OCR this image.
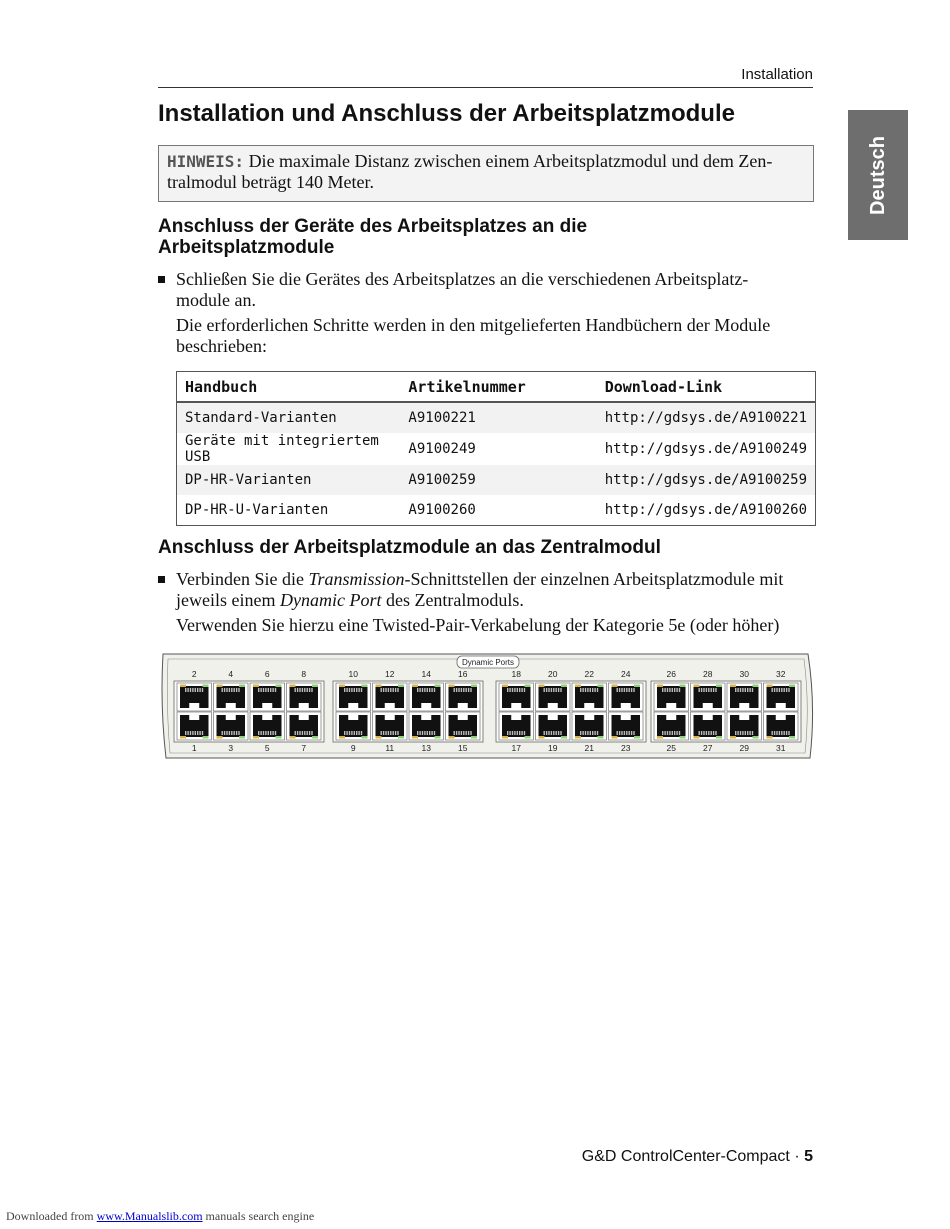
Installation
Deutsch
Installation und Anschluss der Arbeitsplatzmodule
HINWEIS: Die maximale Distanz zwischen einem Arbeitsplatzmodul und dem Zen- tralmodul beträgt 140 Meter.
Anschluss der Geräte des Arbeitsplatzes an die Arbeitsplatzmodule

Schließen Sie die Gerätes des Arbeitsplatzes an die verschiedenen Arbeitsplatz- module an.

Die erforderlichen Schritte werden in den mitgelieferten Handbüchern der Module beschrieben:

Handbuch	Artikelnummer	Download-Link
Standard-Varianten	A9100221	http://gdsys.de/A9100221
Geräte mit integriertem USB	A9100249	http://gdsys.de/A9100249
DP-HR-Varianten	A9100259	http://gdsys.de/A9100259
DP-HR-U-Varianten	A9100260	http://gdsys.de/A9100260
Anschluss der Arbeitsplatzmodule an das Zentralmodul

Verbinden Sie die Transmission-Schnittstellen der einzelnen Arbeitsplatzmodule mit jeweils einem Dynamic Port des Zentralmoduls.

Verwenden Sie hierzu eine Twisted-Pair-Verkabelung der Kategorie 5e (oder höher)

Dynamic Ports
2	4	6	8	10	12	14	16	18	20	22	24	26	28	30	32
1	3	5	7	9	11	13	15	17	19	21	23	25	27	29	31
G&D ControlCenter-Compact · 5
Downloaded from www.Manualslib.com manuals search engine
